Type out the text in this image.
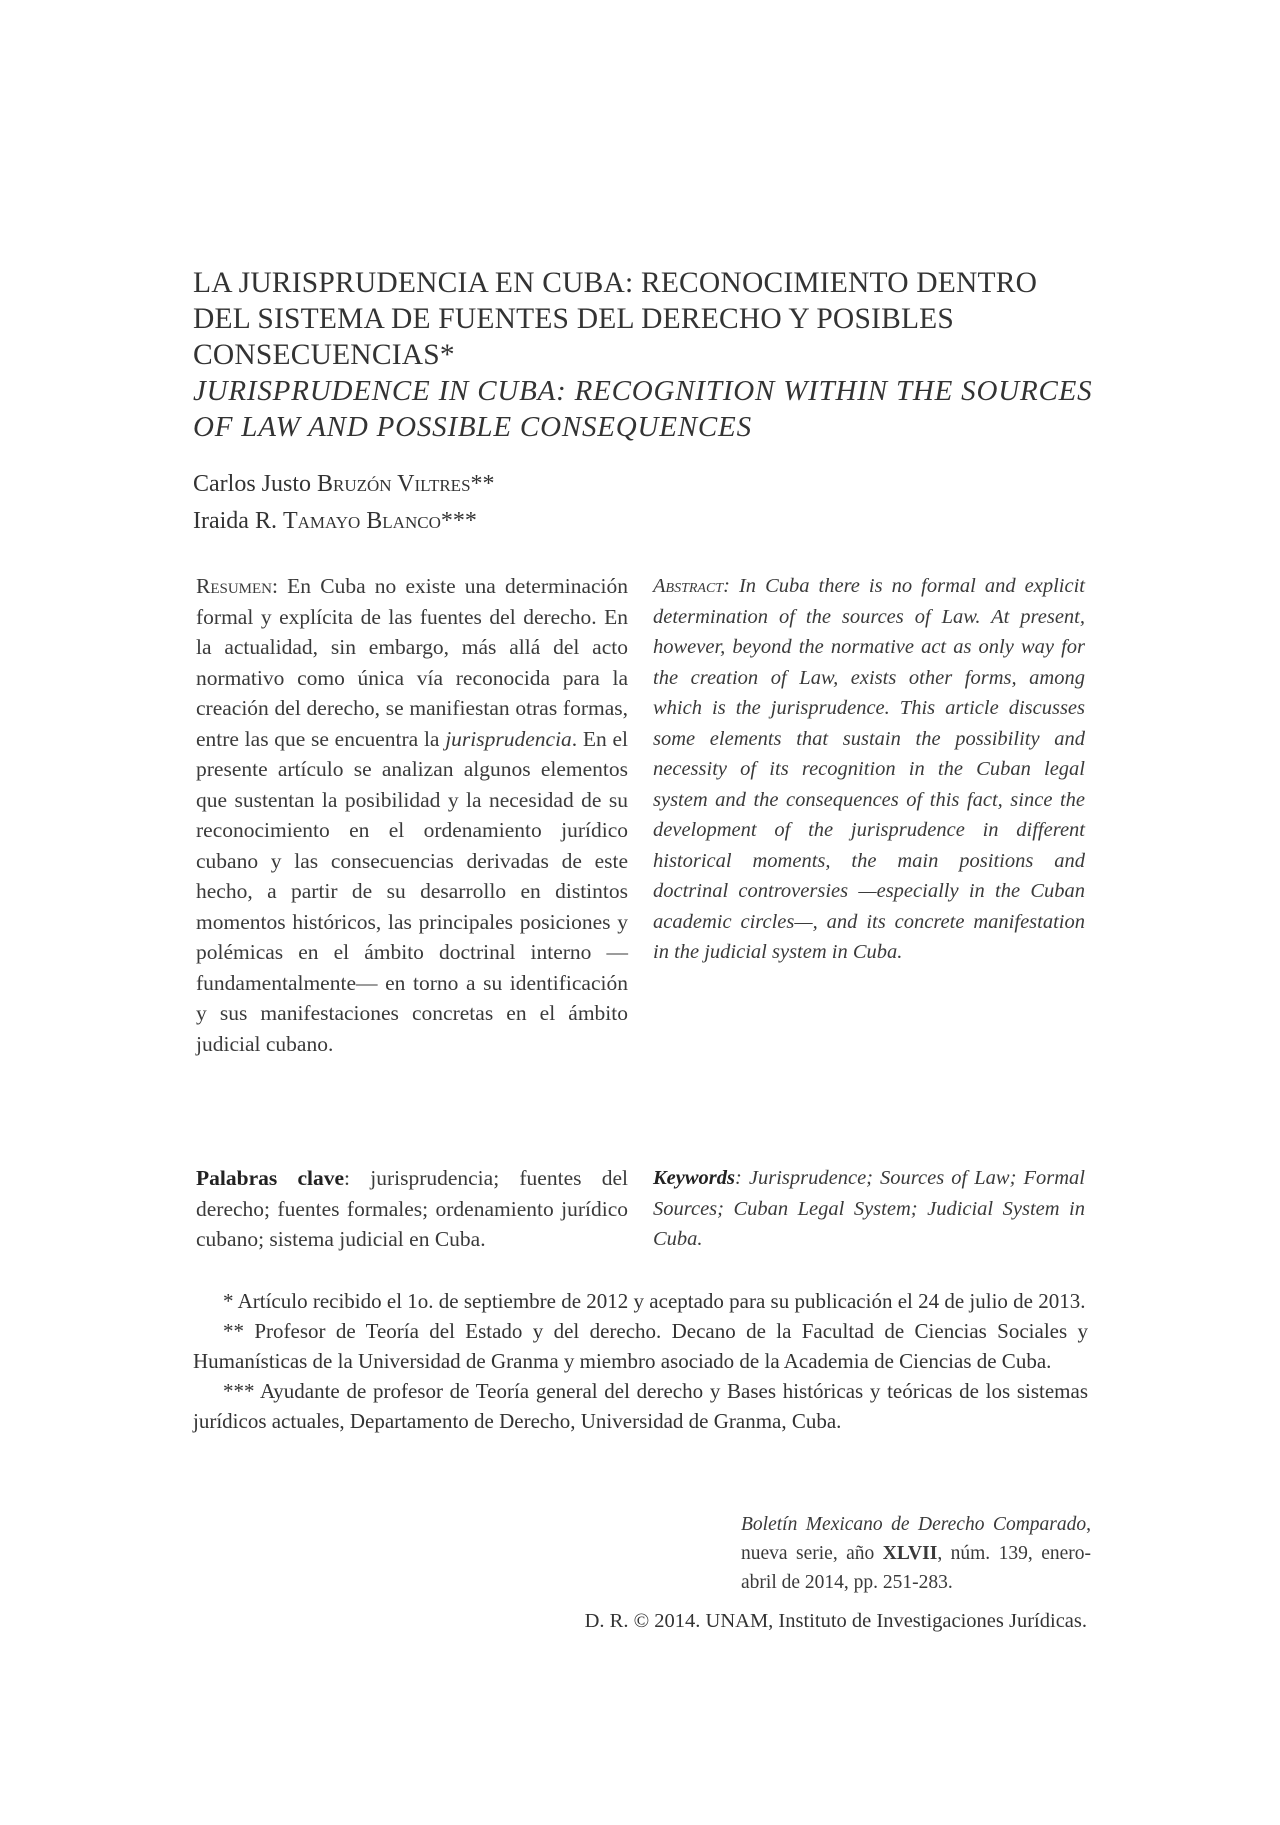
LA JURISPRUDENCIA EN CUBA: RECONOCIMIENTO DENTRO
DEL SISTEMA DE FUENTES DEL DERECHO Y POSIBLES
CONSECUENCIAS*
JURISPRUDENCE IN CUBA: RECOGNITION WITHIN THE SOURCES
OF LAW AND POSSIBLE CONSEQUENCES
Carlos Justo Bruzón Viltres**
Iraida R. Tamayo Blanco***
Resumen: En Cuba no existe una determinación formal y explícita de las fuentes del derecho. En la actualidad, sin embargo, más allá del acto normativo como única vía reconocida para la creación del derecho, se manifiestan otras formas, entre las que se encuentra la jurisprudencia. En el presente artículo se analizan algunos elementos que sustentan la posibilidad y la necesidad de su reconocimiento en el ordenamiento jurídico cubano y las consecuencias derivadas de este hecho, a partir de su desarrollo en distintos momentos históricos, las principales posiciones y polémicas en el ámbito doctrinal interno —fundamentalmente— en torno a su identificación y sus manifestaciones concretas en el ámbito judicial cubano.
Abstract: In Cuba there is no formal and explicit determination of the sources of Law. At present, however, beyond the normative act as only way for the creation of Law, exists other forms, among which is the jurisprudence. This article discusses some elements that sustain the possibility and necessity of its recognition in the Cuban legal system and the consequences of this fact, since the development of the jurisprudence in different historical moments, the main positions and doctrinal controversies —especially in the Cuban academic circles—, and its concrete manifestation in the judicial system in Cuba.
Palabras clave: jurisprudencia; fuentes del derecho; fuentes formales; ordenamiento jurídico cubano; sistema judicial en Cuba.
Keywords: Jurisprudence; Sources of Law; Formal Sources; Cuban Legal System; Judicial System in Cuba.

* Artículo recibido el 1o. de septiembre de 2012 y aceptado para su publicación el 24 de julio de 2013.

** Profesor de Teoría del Estado y del derecho. Decano de la Facultad de Ciencias Sociales y Humanísticas de la Universidad de Granma y miembro asociado de la Academia de Ciencias de Cuba.

*** Ayudante de profesor de Teoría general del derecho y Bases históricas y teóricas de los sistemas jurídicos actuales, Departamento de Derecho, Universidad de Granma, Cuba.

Boletín Mexicano de Derecho Comparado, nueva serie, año XLVII, núm. 139, enero-abril de 2014, pp. 251-283.
D. R. © 2014. UNAM, Instituto de Investigaciones Jurídicas.
